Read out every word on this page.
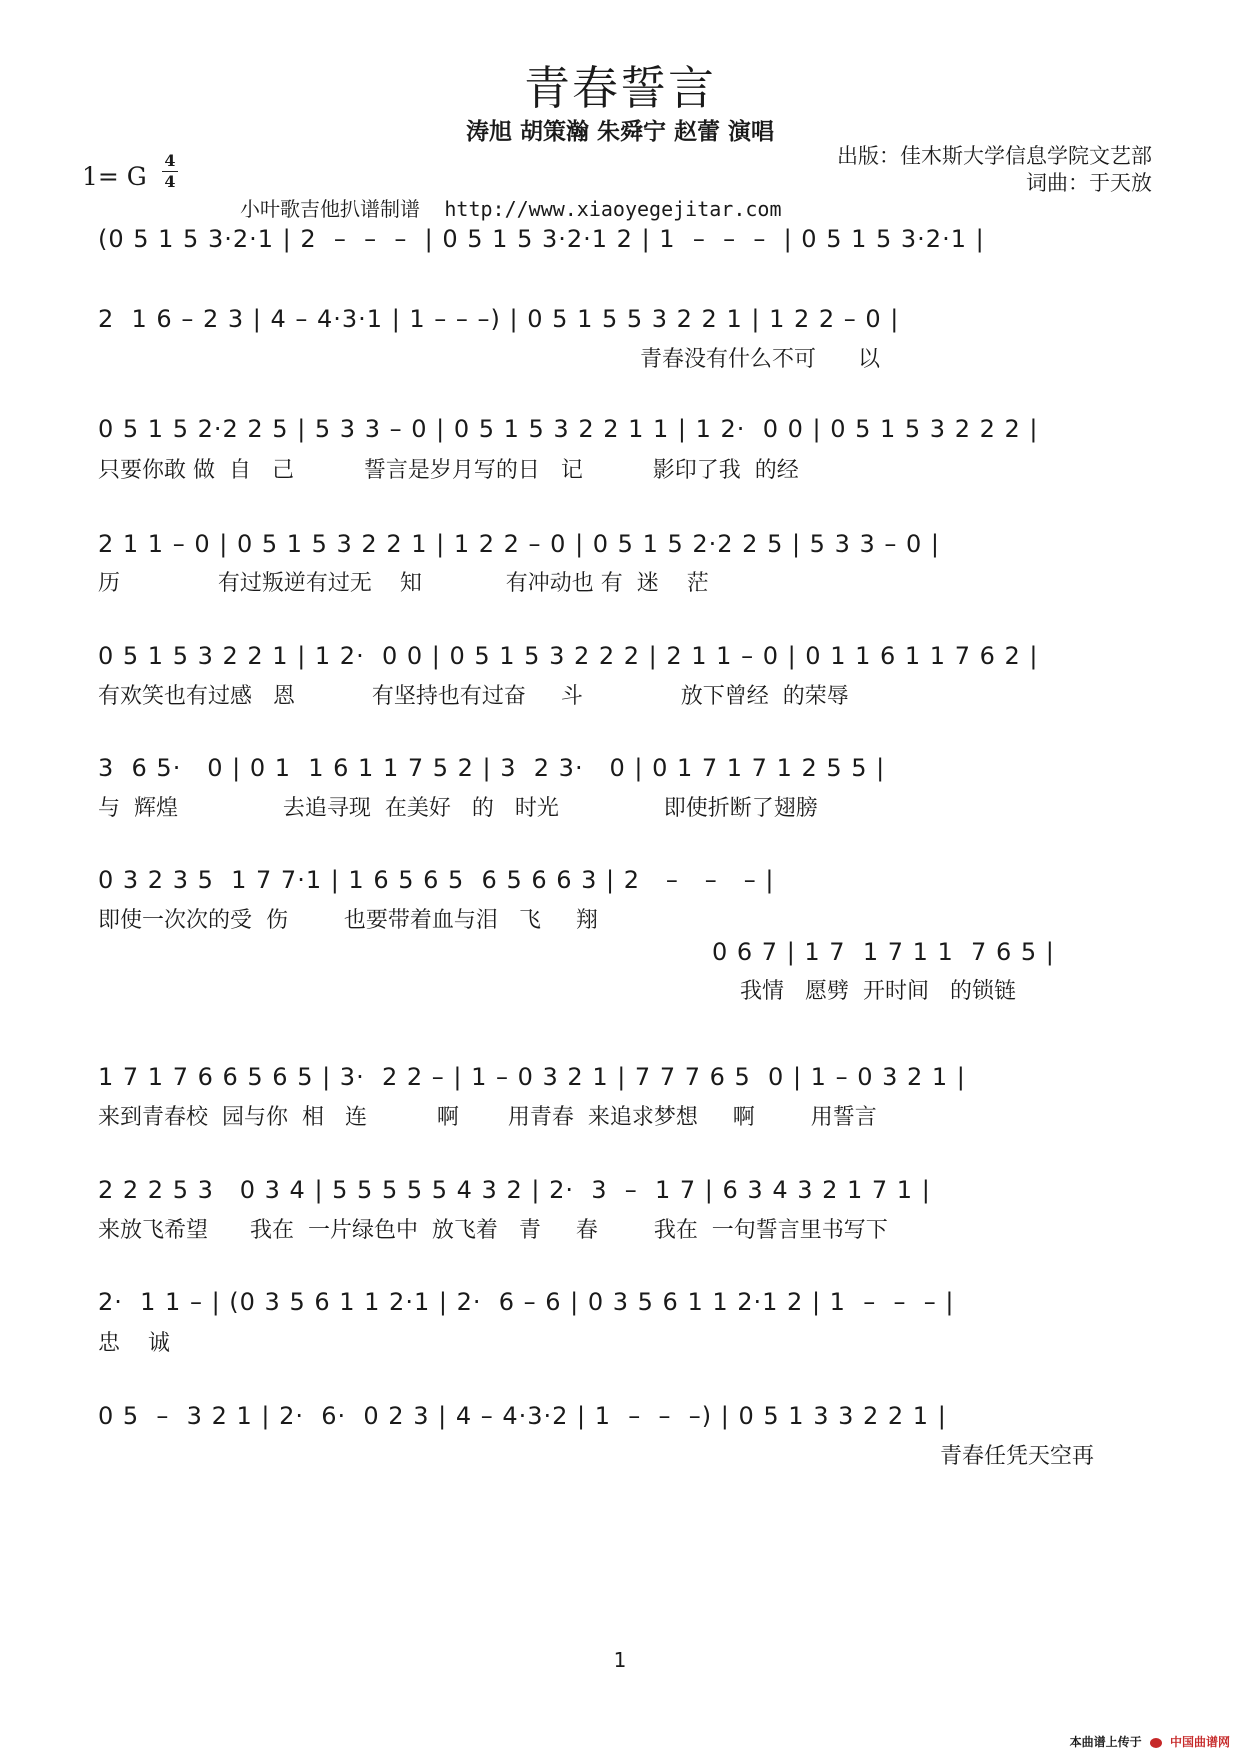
青春誓言
涛旭 胡策瀚 朱舜宁 赵蕾 演唱
出版：佳木斯大学信息学院文艺部
词曲：于天放
1= G
4
4
小叶歌吉他扒谱制谱 http://www.xiaoyegejitar.com
(0 5 1 5 3·2·1 | 2  –  –  –  | 0 5 1 5 3·2·1 2 | 1  –  –  –  | 0 5 1 5 3·2·1 |
2  1 6 – 2 3 | 4 – 4·3·1 | 1 – – –) | 0 5 1 5 5 3 2 2 1 | 1 2 2 – 0 |
青春没有什么不可      以
0 5 1 5 2·2 2 5 | 5 3 3 – 0 | 0 5 1 5 3 2 2 1 1 | 1 2·  0 0 | 0 5 1 5 3 2 2 2 |
只要你敢 做  自   己          誓言是岁月写的日   记          影印了我  的经
2 1 1 – 0 | 0 5 1 5 3 2 2 1 | 1 2 2 – 0 | 0 5 1 5 2·2 2 5 | 5 3 3 – 0 |
历              有过叛逆有过无    知            有冲动也 有  迷    茫
0 5 1 5 3 2 2 1 | 1 2·  0 0 | 0 5 1 5 3 2 2 2 | 2 1 1 – 0 | 0 1 1 6 1 1 7 6 2 |
有欢笑也有过感   恩           有坚持也有过奋     斗              放下曾经  的荣辱
3  6 5·   0 | 0 1  1 6 1 1 7 5 2 | 3  2 3·   0 | 0 1 7 1 7 1 2 5 5 |
与  辉煌               去追寻现  在美好   的   时光               即使折断了翅膀
0 3 2 3 5  1 7 7·1 | 1 6 5 6 5  6 5 6 6 3 | 2   –   –   – |
即使一次次的受  伤        也要带着血与泪   飞     翔
0 6 7 | 1 7  1 7 1 1  7 6 5 |
我情   愿劈  开时间   的锁链
1 7 1 7 6 6 5 6 5 | 3·  2 2 – | 1 – 0 3 2 1 | 7 7 7 6 5  0 | 1 – 0 3 2 1 |
来到青春校  园与你  相   连          啊       用青春  来追求梦想     啊        用誓言
2 2 2 5 3   0 3 4 | 5 5 5 5 5 4 3 2 | 2·  3  –  1 7 | 6 3 4 3 2 1 7 1 |
来放飞希望      我在  一片绿色中  放飞着   青     春        我在  一句誓言里书写下
2·  1 1 – | (0 3 5 6 1 1 2·1 | 2·  6 – 6 | 0 3 5 6 1 1 2·1 2 | 1  –  –  – |
忠    诚
0 5  –  3 2 1 | 2·  6·  0 2 3 | 4 – 4·3·2 | 1  –  –  –) | 0 5 1 3 3 2 2 1 |
青春任凭天空再
1
本曲谱上传于 中国曲谱网
